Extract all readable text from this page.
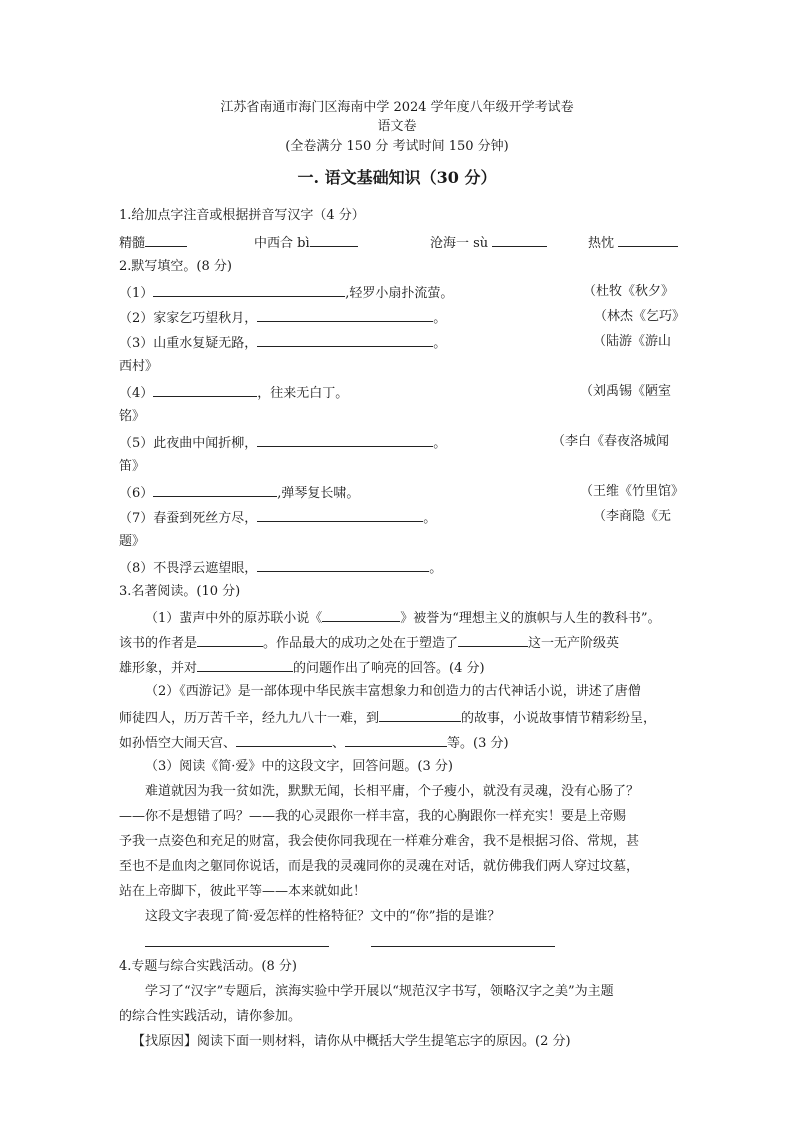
江苏省南通市海门区海南中学 2024 学年度八年级开学考试卷
语文卷
(全卷满分 150 分 考试时间 150 分钟)
一. 语文基础知识（30 分）
1.给加点字注音或根据拼音写汉字（4 分）
精髓	中西合 bì	沧海一 sù	热忱
2.默写填空。(8 分)
（1）	,轻罗小扇扑流萤。	（杜牧《秋夕》
（2）家家乞巧望秋月，	。	（林杰《乞巧》
（3）山重水复疑无路，	。	（陆游《游山
西村》
（4）	，往来无白丁。	（刘禹锡《陋室
铭》
（5）此夜曲中闻折柳，	。	（李白《春夜洛城闻
笛》
（6）	,弹琴复长啸。	（王维《竹里馆》
（7）春蚕到死丝方尽，	。	（李商隐《无
题》
（8）不畏浮云遮望眼，	。
3.名著阅读。(10 分)
（1）蜚声中外的原苏联小说《	》被誉为“理想主义的旗帜与人生的教科书”。
该书的作者是	。作品最大的成功之处在于塑造了	这一无产阶级英
雄形象，并对	的问题作出了响亮的回答。(4 分)
（2）《西游记》是一部体现中华民族丰富想象力和创造力的古代神话小说，讲述了唐僧
师徒四人，历万苦千辛，经九九八十一难，到	的故事，小说故事情节精彩纷呈，
如孙悟空大闹天宫、	、	等。(3 分)
（3）阅读《简·爱》中的这段文字，回答问题。(3 分)
难道就因为我一贫如洗，默默无闻，长相平庸，个子瘦小，就没有灵魂，没有心肠了？
——你不是想错了吗？——我的心灵跟你一样丰富，我的心胸跟你一样充实！要是上帝赐
予我一点姿色和充足的财富，我会使你同我现在一样难分难舍，我不是根据习俗、常规，甚
至也不是血肉之躯同你说话，而是我的灵魂同你的灵魂在对话，就仿佛我们两人穿过坟墓，
站在上帝脚下，彼此平等——本来就如此！
这段文字表现了简·爱怎样的性格特征？文中的“你”指的是谁？
4.专题与综合实践活动。(8 分)
学习了“汉字”专题后，滨海实验中学开展以“规范汉字书写，领略汉字之美”为主题
的综合性实践活动，请你参加。
【找原因】阅读下面一则材料，请你从中概括大学生提笔忘字的原因。(2 分)
